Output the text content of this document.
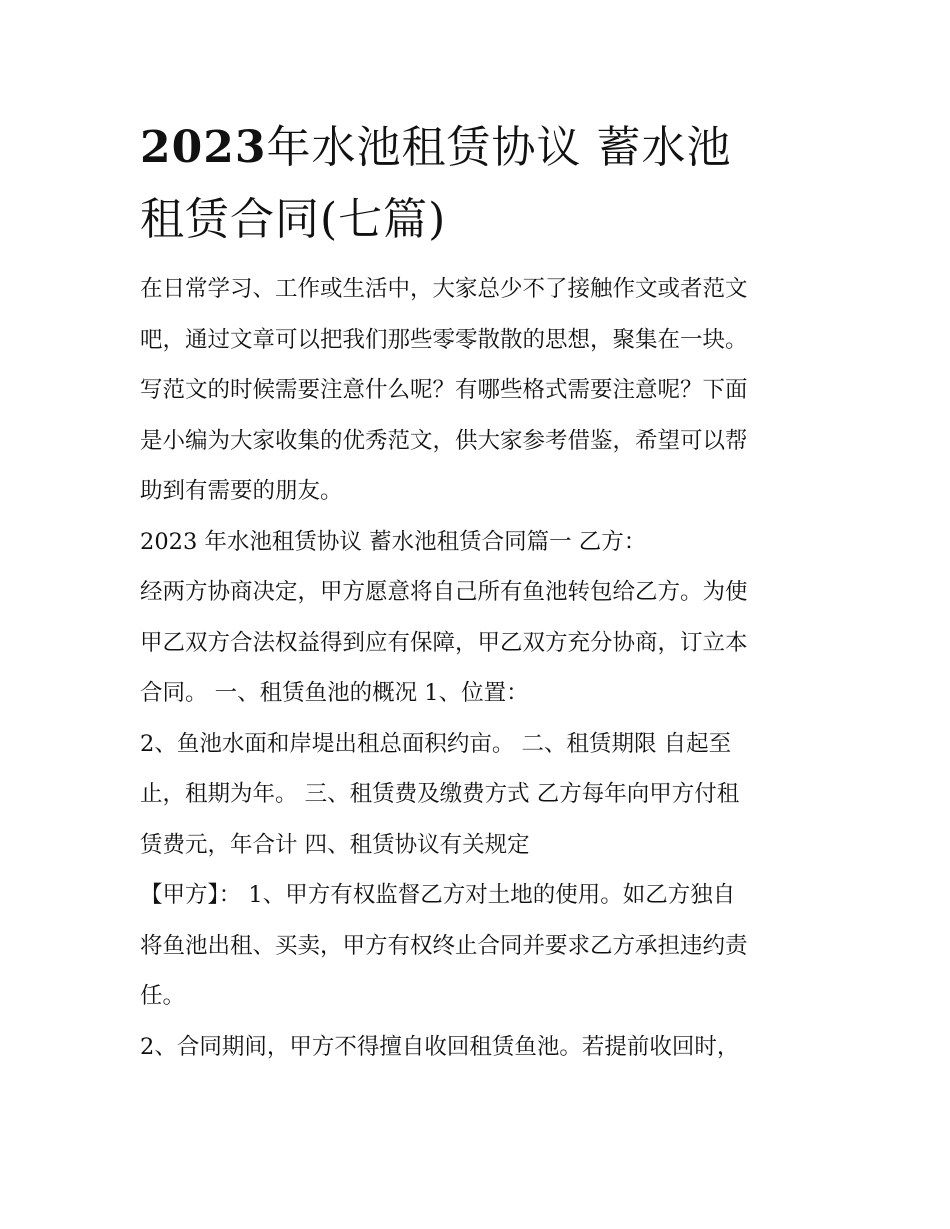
2023年水池租赁协议 蓄水池
租赁合同(七篇)

在日常学习、工作或生活中，大家总少不了接触作文或者范文

吧，通过文章可以把我们那些零零散散的思想，聚集在一块。

写范文的时候需要注意什么呢？有哪些格式需要注意呢？下面

是小编为大家收集的优秀范文，供大家参考借鉴，希望可以帮

助到有需要的朋友。

2023 年水池租赁协议 蓄水池租赁合同篇一 乙方：

经两方协商决定，甲方愿意将自己所有鱼池转包给乙方。为使

甲乙双方合法权益得到应有保障，甲乙双方充分协商，订立本

合同。 一、租赁鱼池的概况 1、位置：

2、鱼池水面和岸堤出租总面积约亩。 二、租赁期限 自起至

止，租期为年。 三、租赁费及缴费方式 乙方每年向甲方付租

赁费元，年合计 四、租赁协议有关规定

【甲方】： 1、甲方有权监督乙方对土地的使用。如乙方独自

将鱼池出租、买卖，甲方有权终止合同并要求乙方承担违约责

任。

2、合同期间，甲方不得擅自收回租赁鱼池。若提前收回时，
